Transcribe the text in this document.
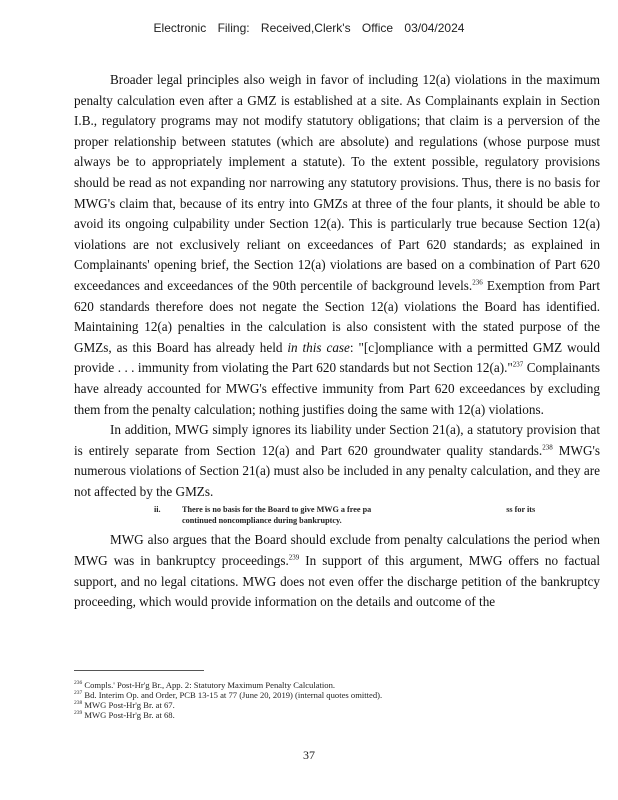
Electronic Filing: Received,Clerk's Office 03/04/2024

Broader legal principles also weigh in favor of including 12(a) violations in the maximum penalty calculation even after a GMZ is established at a site. As Complainants explain in Section I.B., regulatory programs may not modify statutory obligations; that claim is a perversion of the proper relationship between statutes (which are absolute) and regulations (whose purpose must always be to appropriately implement a statute). To the extent possible, regulatory provisions should be read as not expanding nor narrowing any statutory provisions. Thus, there is no basis for MWG's claim that, because of its entry into GMZs at three of the four plants, it should be able to avoid its ongoing culpability under Section 12(a). This is particularly true because Section 12(a) violations are not exclusively reliant on exceedances of Part 620 standards; as explained in Complainants' opening brief, the Section 12(a) violations are based on a combination of Part 620 exceedances and exceedances of the 90th percentile of background levels.$^{236}$ Exemption from Part 620 standards therefore does not negate the Section 12(a) violations the Board has identified. Maintaining 12(a) penalties in the calculation is also consistent with the stated purpose of the GMZs, as this Board has already held in this case: "[c]ompliance with a permitted GMZ would provide . . . immunity from violating the Part 620 standards but not Section 12(a)."$^{237}$ Complainants have already accounted for MWG's effective immunity from Part 620 exceedances by excluding them from the penalty calculation; nothing justifies doing the same with 12(a) violations.

In addition, MWG simply ignores its liability under Section 21(a), a statutory provision that is entirely separate from Section 12(a) and Part 620 groundwater quality standards.$^{238}$ MWG's numerous violations of Section 21(a) must also be included in any penalty calculation, and they are not affected by the GMZs.

ii.	There is no basis for the Board to give MWG a free pa	ss for its
continued noncompliance during bankruptcy.

MWG also argues that the Board should exclude from penalty calculations the period when MWG was in bankruptcy proceedings.$^{239}$ In support of this argument, MWG offers no factual support, and no legal citations. MWG does not even offer the discharge petition of the bankruptcy proceeding, which would provide information on the details and outcome of the

$^{236}$ Compls.' Post-Hr'g Br., App. 2: Statutory Maximum Penalty Calculation.
$^{237}$ Bd. Interim Op. and Order, PCB 13-15 at 77 (June 20, 2019) (internal quotes omitted).
$^{238}$ MWG Post-Hr'g Br. at 67.
$^{239}$ MWG Post-Hr'g Br. at 68.
37
